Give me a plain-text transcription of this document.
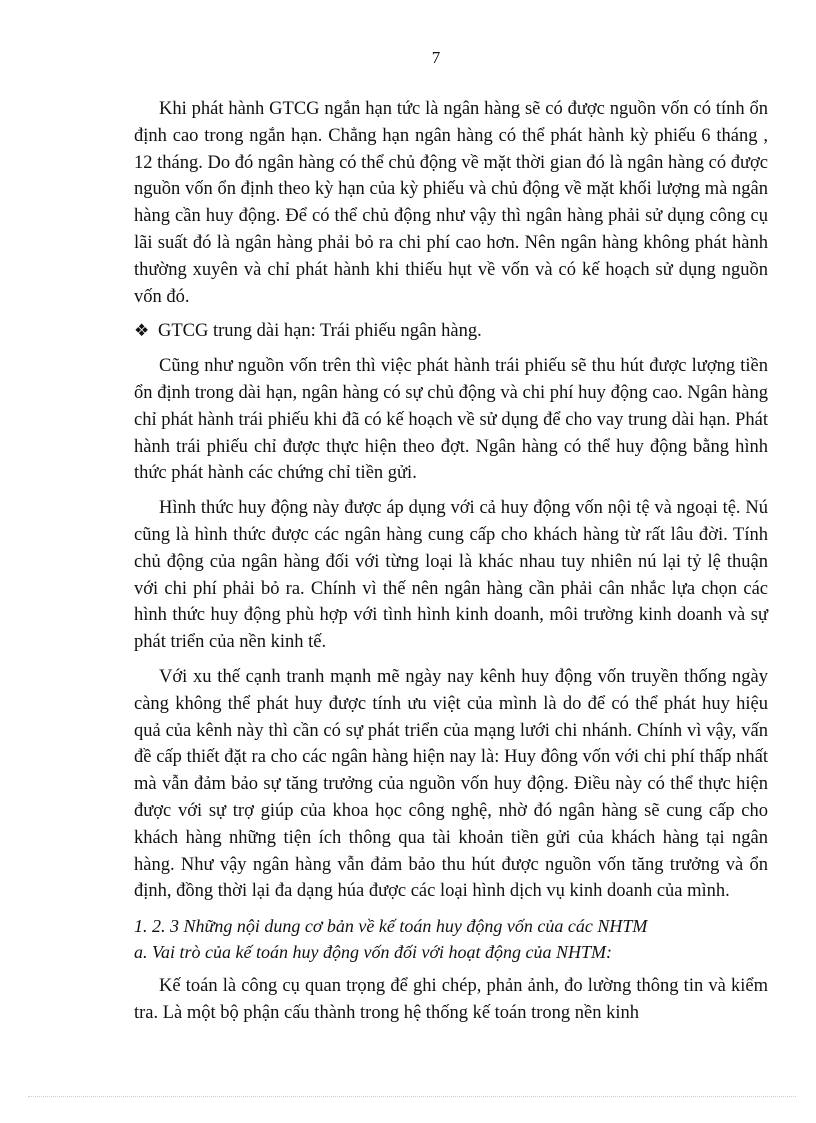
7

Khi phát hành GTCG ngắn hạn tức là ngân hàng sẽ có được nguồn vốn có tính ổn định cao trong ngắn hạn. Chẳng hạn ngân hàng có thể phát hành kỳ phiếu 6 tháng , 12 tháng. Do đó ngân hàng có thể chủ động về mặt thời gian đó là ngân hàng có được nguồn vốn ổn định theo kỳ hạn của kỳ phiếu và chủ động về mặt khối lượng mà ngân hàng cần huy động. Để có thể chủ động như vậy thì ngân hàng phải sử dụng công cụ lãi suất đó là ngân hàng phải bỏ ra chi phí cao hơn. Nên ngân hàng không phát hành thường xuyên và chỉ phát hành khi thiếu hụt về vốn và có kế hoạch sử dụng nguồn vốn đó.

❖ GTCG trung dài hạn: Trái phiếu ngân hàng.

Cũng như nguồn vốn trên thì việc phát hành trái phiếu sẽ thu hút được lượng tiền ổn định trong dài hạn, ngân hàng có sự chủ động và chi phí huy động cao. Ngân hàng chỉ phát hành trái phiếu khi đã có kế hoạch về sử dụng để cho vay trung dài hạn. Phát hành trái phiếu chỉ được thực hiện theo đợt. Ngân hàng có thể huy động bằng hình thức phát hành các chứng chỉ tiền gửi.

Hình thức huy động này được áp dụng với cả huy động vốn nội tệ và ngoại tệ. Nú cũng là hình thức được các ngân hàng cung cấp cho khách hàng từ rất lâu đời. Tính chủ động của ngân hàng đối với từng loại là khác nhau tuy nhiên nú lại tỷ lệ thuận với chi phí phải bỏ ra. Chính vì thế nên ngân hàng cần phải cân nhắc lựa chọn các hình thức huy động phù hợp với tình hình kinh doanh, môi trường kinh doanh và sự phát triển của nền kinh tế.

Với xu thế cạnh tranh mạnh mẽ ngày nay kênh huy động vốn truyền thống ngày càng không thể phát huy được tính ưu việt của mình là do để có thể phát huy hiệu quả của kênh này thì cần có sự phát triển của mạng lưới chi nhánh. Chính vì vậy, vấn đề cấp thiết đặt ra cho các ngân hàng hiện nay là: Huy đông vốn với chi phí thấp nhất mà vẫn đảm bảo sự tăng trưởng của nguồn vốn huy động. Điều này có thể thực hiện được với sự trợ giúp của khoa học công nghệ, nhờ đó ngân hàng sẽ cung cấp cho khách hàng những tiện ích thông qua tài khoản tiền gửi của khách hàng tại ngân hàng. Như vậy ngân hàng vẫn đảm bảo thu hút được nguồn vốn tăng trưởng và ổn định, đồng thời lại đa dạng húa được các loại hình dịch vụ kinh doanh của mình.

1. 2. 3 Những nội dung cơ bản về kế toán huy động vốn của các NHTM

a. Vai trò của kế toán huy động vốn đối với hoạt động của NHTM:

Kế toán là công cụ quan trọng để ghi chép, phản ảnh, đo lường thông tin và kiểm tra. Là một bộ phận cấu thành trong hệ thống kế toán trong nền kinh
